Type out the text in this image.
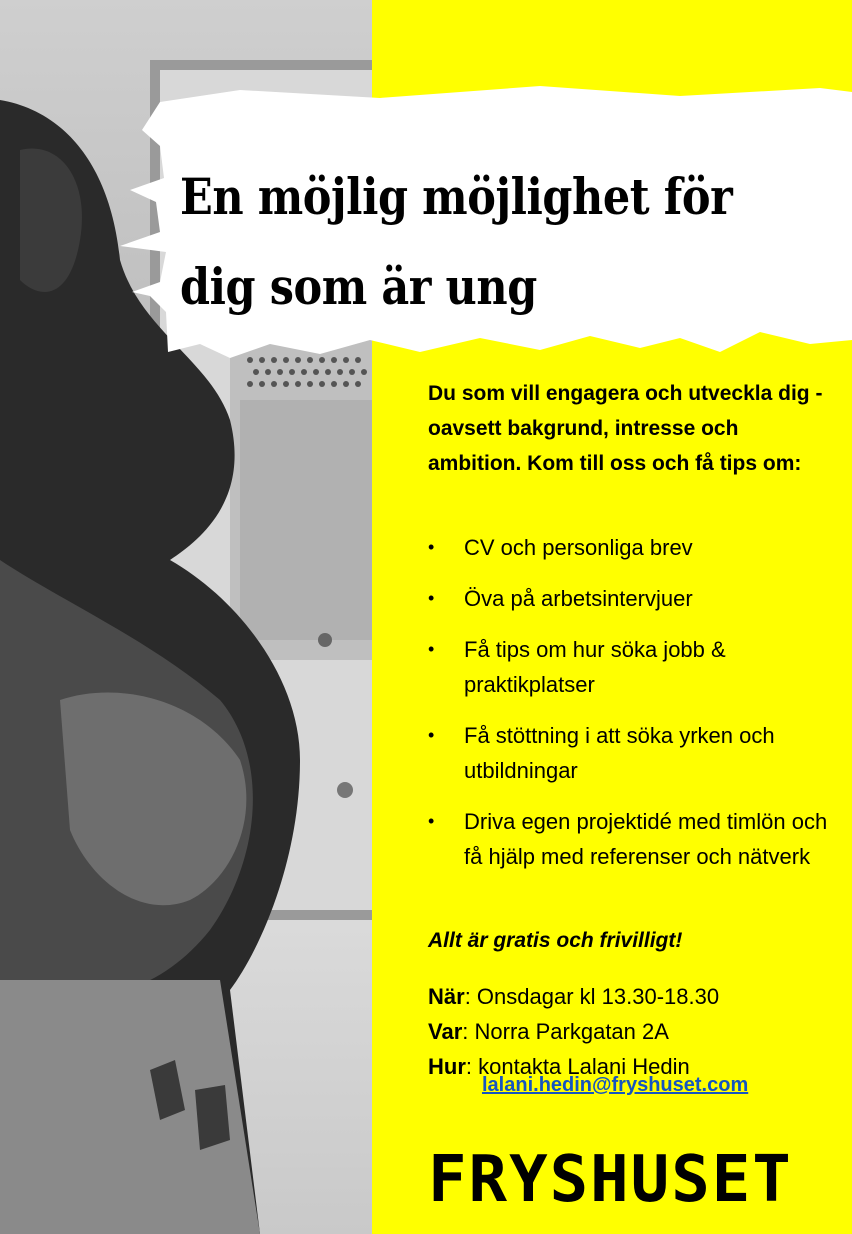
En möjlig möjlighet för
dig som är ung

Du som vill engagera och utveckla dig - oavsett bakgrund, intresse och ambition. Kom till oss och få tips om:

•	CV och personliga brev
•	Öva på arbetsintervjuer
•	Få tips om hur söka jobb & praktikplatser
•	Få stöttning i att söka yrken och utbildningar
•	Driva egen projektidé med timlön och få hjälp med referenser och nätverk

Allt är gratis och frivilligt!

När: Onsdagar kl 13.30-18.30
Var: Norra Parkgatan 2A
Hur: kontakta Lalani Hedin
lalani.hedin@fryshuset.com
FRYSHUSET
